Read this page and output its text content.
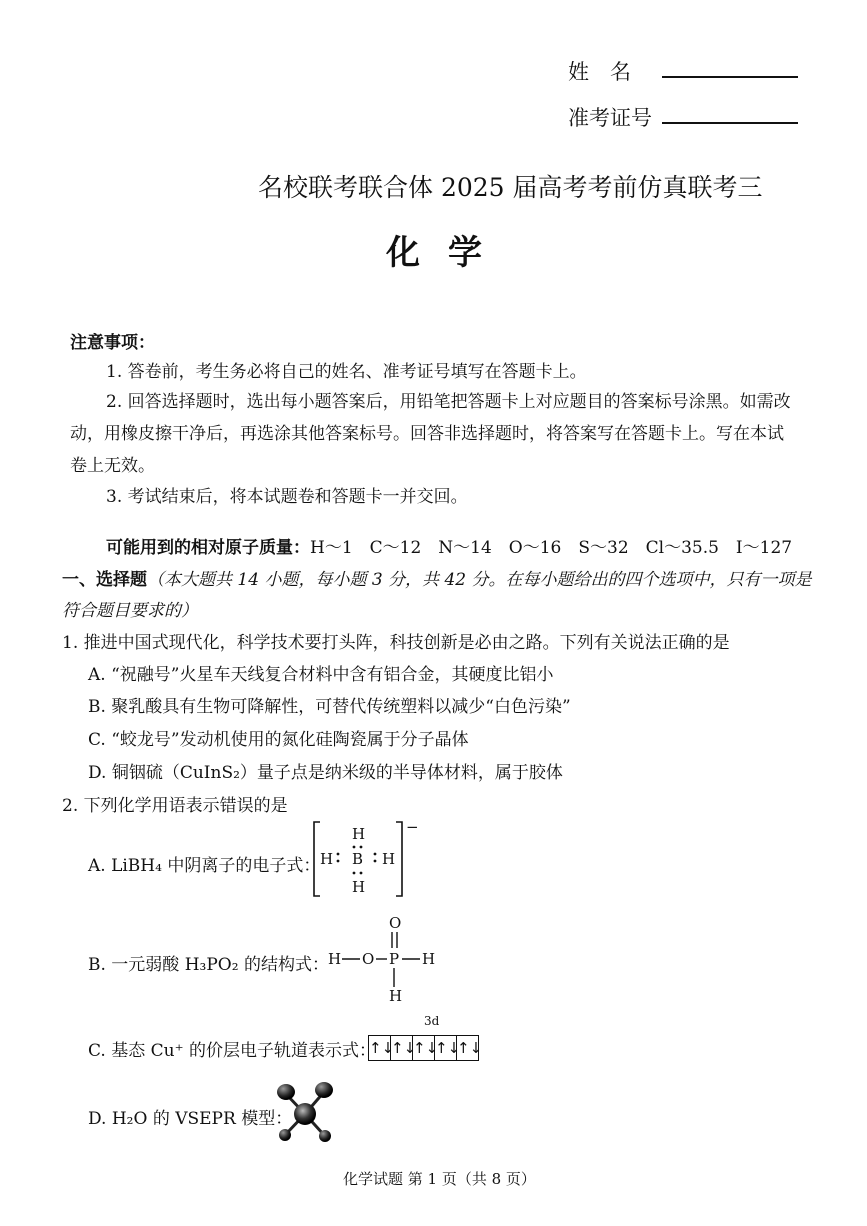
姓　名
准考证号
名校联考联合体 2025 届高考考前仿真联考三
化学
注意事项：
1. 答卷前，考生务必将自己的姓名、准考证号填写在答题卡上。
2. 回答选择题时，选出每小题答案后，用铅笔把答题卡上对应题目的答案标号涂黑。如需改
动，用橡皮擦干净后，再选涂其他答案标号。回答非选择题时，将答案写在答题卡上。写在本试
卷上无效。
3. 考试结束后，将本试题卷和答题卡一并交回。
可能用到的相对原子质量：H～1　C～12　N～14　O～16　S～32　Cl～35.5　I～127
一、选择题（本大题共 14 小题，每小题 3 分，共 42 分。在每小题给出的四个选项中，只有一项是
符合题目要求的）
1. 推进中国式现代化，科学技术要打头阵，科技创新是必由之路。下列有关说法正确的是
A. “祝融号”火星车天线复合材料中含有铝合金，其硬度比铝小
B. 聚乳酸具有生物可降解性，可替代传统塑料以减少“白色污染”
C. “蛟龙号”发动机使用的氮化硅陶瓷属于分子晶体
D. 铜铟硫（CuInS₂）量子点是纳米级的半导体材料，属于胶体
2. 下列化学用语表示错误的是
A. LiBH₄ 中阴离子的电子式： H
H
B
H
H
−
B. 一元弱酸 H₃PO₂ 的结构式： H O P
O
H
H
C. 基态 Cu⁺ 的价层电子轨道表示式：
3d
↑↓
↑↓
↑↓
↑↓
↑↓
D. H₂O 的 VSEPR 模型：
化学试题 第 1 页（共 8 页）
